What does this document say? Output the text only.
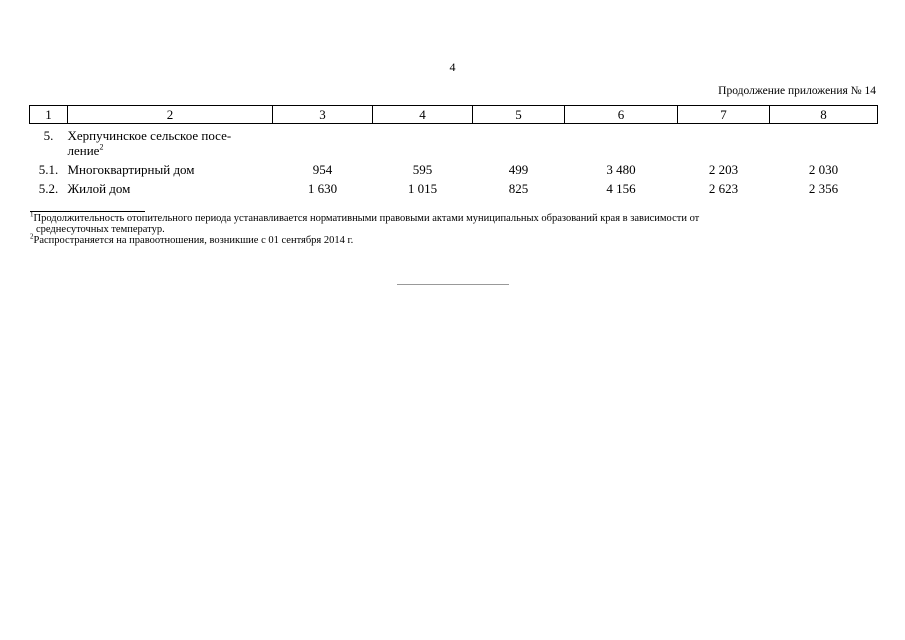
4
Продолжение приложения № 14
1	2	3	4	5	6	7	8

5.	Херпучинское сельское посе-
ление$^2$	

5.1.	Многоквартирный дом	954	595	499	3 480	2 203	2 030

5.2.	Жилой дом	1 630	1 015	825	4 156	2 623	2 356

$^1$Продолжительность отопительного периода устанавливается нормативными правовыми актами муниципальных образований края в зависимости от

среднесуточных температур.

$^2$Распространяется на правоотношения, возникшие с 01 сентября 2014 г.
